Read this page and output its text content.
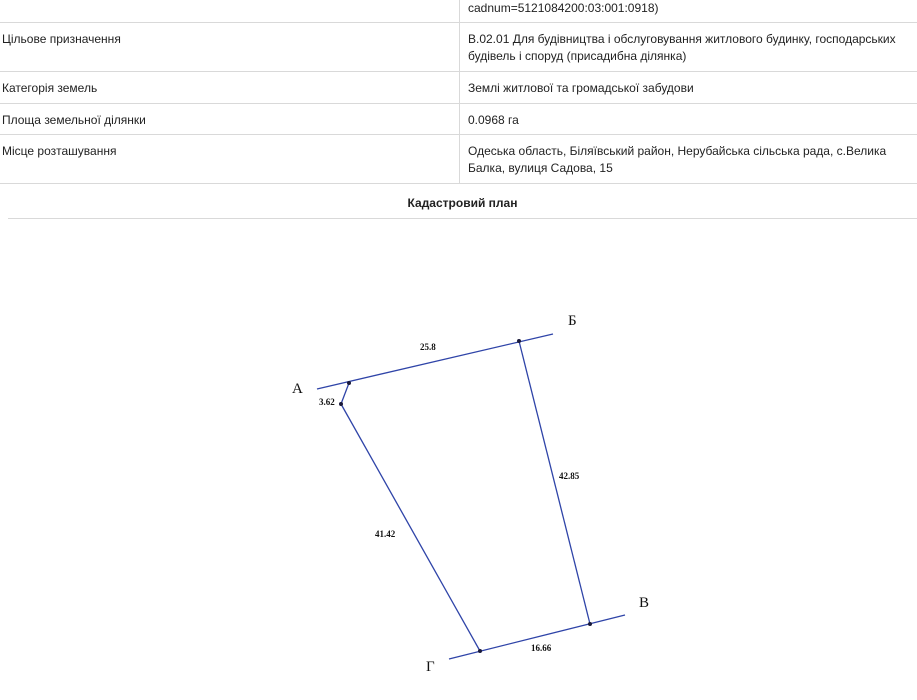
	cadnum=5121084200:03:001:0918)
Цільове призначення	В.02.01 Для будівництва і обслуговування житлового будинку, господарських будівель і споруд (присадибна ділянка)
Категорія земель	Землі житлової та громадської забудови
Площа земельної ділянки	0.0968 га
Місце розташування	Одеська область, Біляївський район, Нерубайська сільська рада, с.Велика Балка, вулиця Садова, 15
Кадастровий план
А
Б
В
Г
25.8
3.62
42.85
16.66
41.42
